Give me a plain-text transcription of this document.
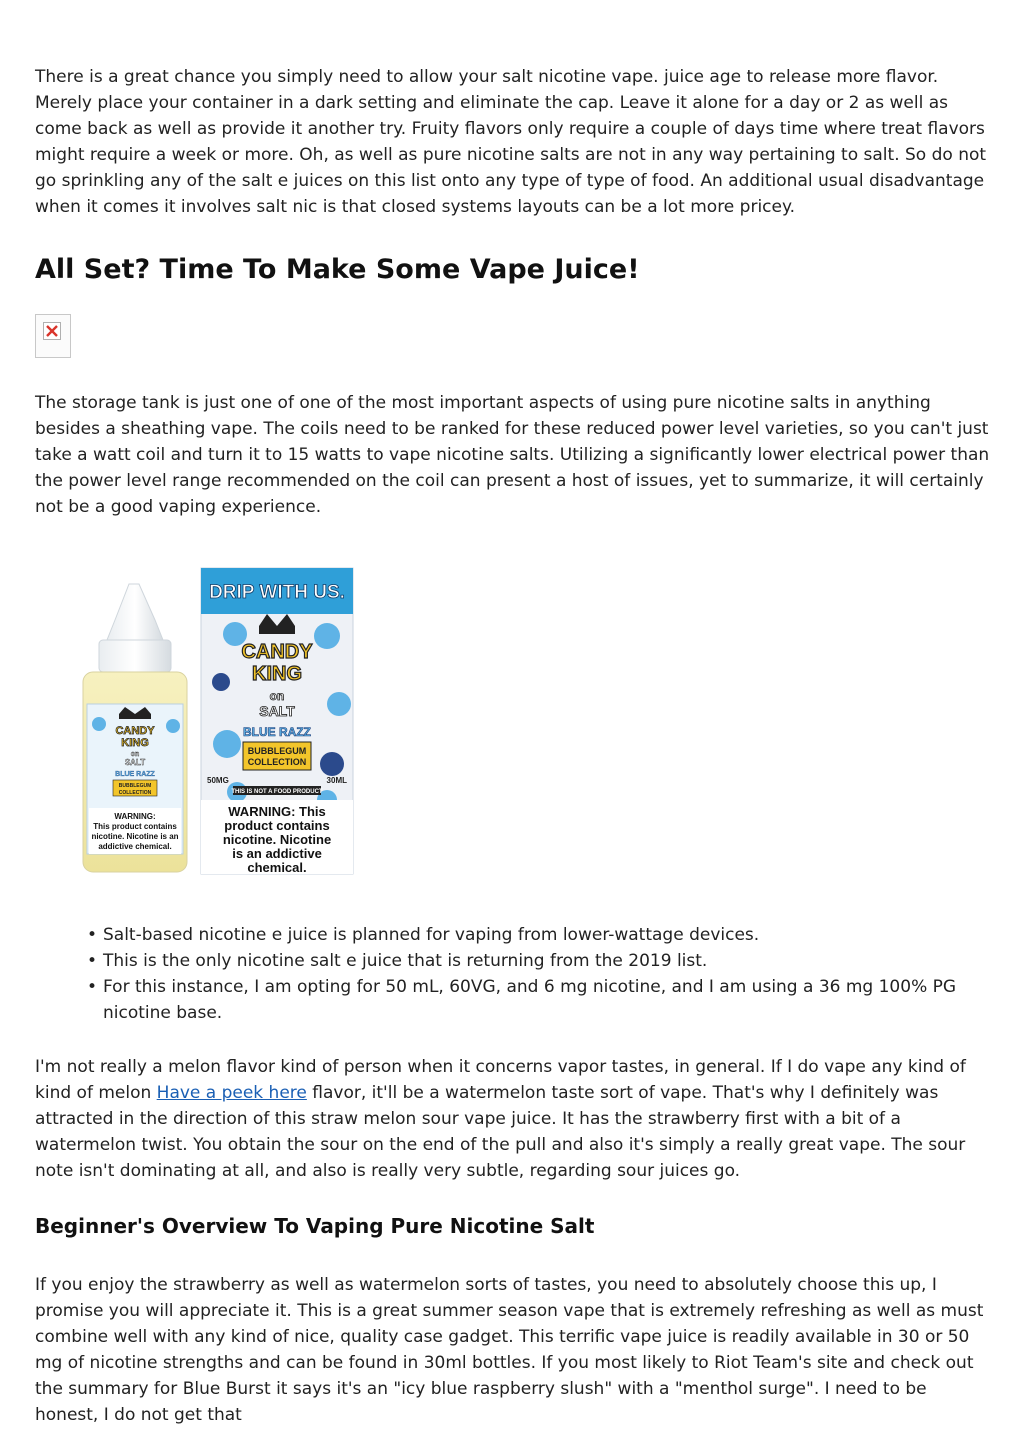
There is a great chance you simply need to allow your salt nicotine vape. juice age to release more flavor. Merely place your container in a dark setting and eliminate the cap. Leave it alone for a day or 2 as well as come back as well as provide it another try. Fruity flavors only require a couple of days time where treat flavors might require a week or more. Oh, as well as pure nicotine salts are not in any way pertaining to salt. So do not go sprinkling any of the salt e juices on this list onto any type of type of food. An additional usual disadvantage when it comes it involves salt nic is that closed systems layouts can be a lot more pricey.

All Set? Time To Make Some Vape Juice!

The storage tank is just one of one of the most important aspects of using pure nicotine salts in anything besides a sheathing vape. The coils need to be ranked for these reduced power level varieties, so you can't just take a watt coil and turn it to 15 watts to vape nicotine salts. Utilizing a significantly lower electrical power than the power level range recommended on the coil can present a host of issues, yet to summarize, it will certainly not be a good vaping experience.

DRIP WITH US.
CANDY
KING
on
SALT
BLUE RAZZ
BUBBLEGUM
COLLECTION
50MG	30ML
THIS IS NOT A FOOD PRODUCT
WARNING: This
product contains
nicotine. Nicotine
is an addictive
chemical.
CANDY
KING
on
SALT
BLUE RAZZ
BUBBLEGUM
COLLECTION
WARNING:
This product contains
nicotine. Nicotine is an
addictive chemical.
• Salt-based nicotine e juice is planned for vaping from lower-wattage devices.
• This is the only nicotine salt e juice that is returning from the 2019 list.
• For this instance, I am opting for 50 mL, 60VG, and 6 mg nicotine, and I am using a 36 mg 100% PG nicotine base.

I'm not really a melon flavor kind of person when it concerns vapor tastes, in general. If I do vape any kind of kind of melon Have a peek here flavor, it'll be a watermelon taste sort of vape. That's why I definitely was attracted in the direction of this straw melon sour vape juice. It has the strawberry first with a bit of a watermelon twist. You obtain the sour on the end of the pull and also it's simply a really great vape. The sour note isn't dominating at all, and also is really very subtle, regarding sour juices go.

Beginner's Overview To Vaping Pure Nicotine Salt

If you enjoy the strawberry as well as watermelon sorts of tastes, you need to absolutely choose this up, I promise you will appreciate it. This is a great summer season vape that is extremely refreshing as well as must combine well with any kind of nice, quality case gadget. This terrific vape juice is readily available in 30 or 50 mg of nicotine strengths and can be found in 30ml bottles. If you most likely to Riot Team's site and check out the summary for Blue Burst it says it's an "icy blue raspberry slush" with a "menthol surge". I need to be honest, I do not get that
